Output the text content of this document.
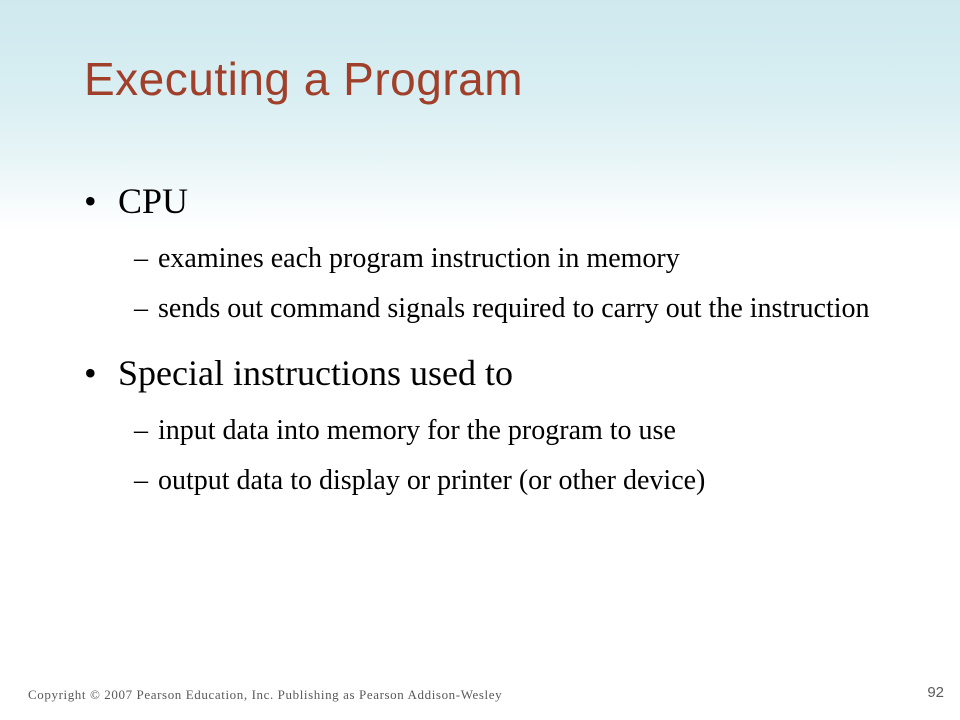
Executing a Program
• CPU
– examines each program instruction in memory
– sends out command signals required to carry out the instruction
• Special instructions used to
– input data into memory for the program to use
– output data to display or printer (or other device)
Copyright © 2007 Pearson Education, Inc. Publishing as Pearson Addison-Wesley	92
